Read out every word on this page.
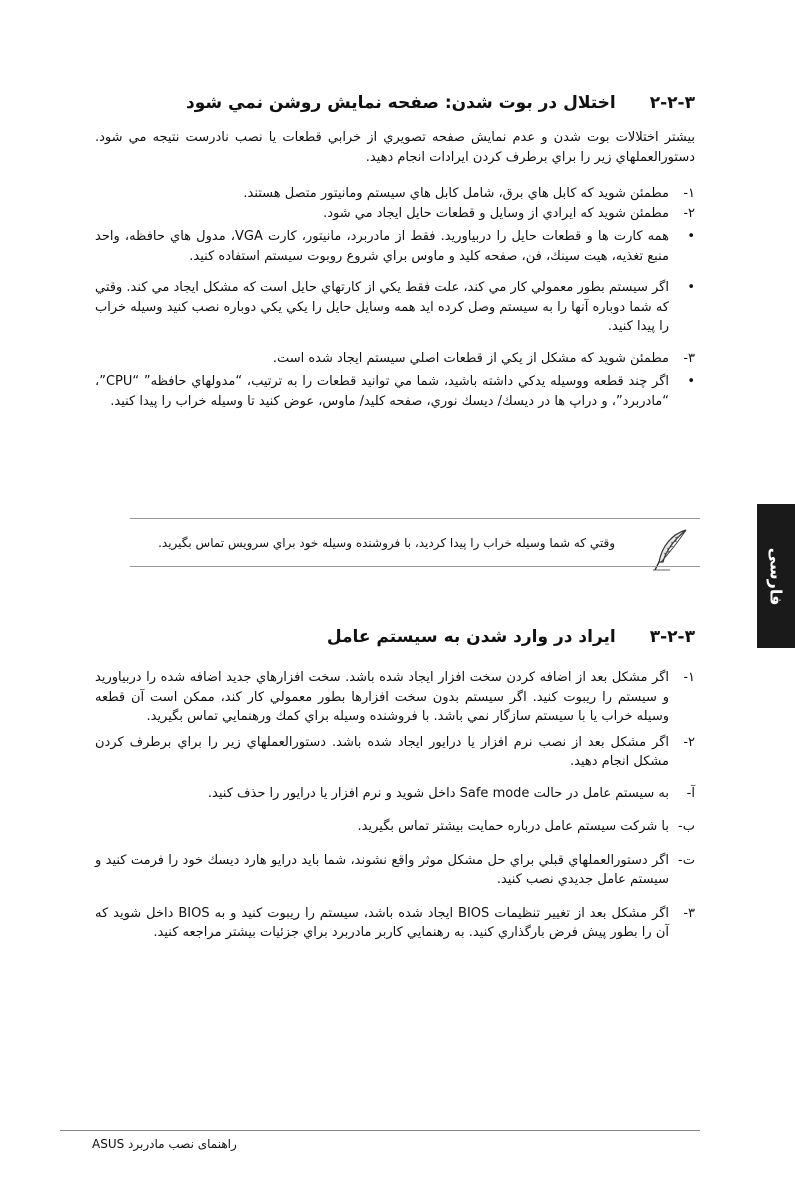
۲-۲-۳
اختلال در بوت شدن: صفحه نمایش روشن نمي شود
بیشتر اختلالات بوت شدن و عدم نمایش صفحه تصویري از خرابي قطعات یا نصب نادرست نتیجه مي شود. دستورالعملهاي زیر را براي برطرف کردن ایرادات انجام دهید.
-۱
مطمئن شوید که کابل هاي برق، شامل کابل هاي سیستم ومانیتور متصل هستند.
-۲
مطمئن شوید که ایرادي از وسایل و قطعات حایل ایجاد مي شود.
•
همه کارت ها و قطعات حایل را دربیاورید. فقط از مادربرد، مانیتور، کارت VGA، مدول هاي حافظه، واحد منبع تغذیه، هیت سینك، فن، صفحه کلید و ماوس براي شروع روبوت سیستم استفاده کنید.
•
اگر سیستم بطور معمولي کار مي کند، علت فقط یکي از کارتهاي حایل است که مشکل ایجاد مي کند. وقتي که شما دوباره آنها را به سیستم وصل کرده اید همه وسایل حایل را یکي یکي دوباره نصب کنید وسیله خراب را پیدا کنید.
-۳
مطمئن شوید که مشکل از یکي از قطعات اصلي سیستم ایجاد شده است.
•
اگر چند قطعه ووسیله یدکي داشته باشید، شما مي توانید قطعات را به ترتیب، “مدولهاي حافظه” “CPU”، “مادربرد”، و دراپ ها در دیسك/ دیسك نوري، صفحه کلید/ ماوس، عوض کنید تا وسیله خراب را پیدا کنید.
وقتي که شما وسیله خراب را پیدا کردید، با فروشنده وسیله خود براي سرویس تماس بگیرید.
۳-۲-۳
ایراد در وارد شدن به سیستم عامل
-۱
اگر مشکل بعد از اضافه کردن سخت افزار ایجاد شده باشد. سخت افزارهاي جدید اضافه شده را دربیاورید و سیستم را ریبوت کنید. اگر سیستم بدون سخت افزارها بطور معمولي کار کند، ممکن است آن قطعه وسیله خراب یا با سیستم سازگار نمي باشد. با فروشنده وسیله براي کمك ورهنمایي تماس بگیرید.
-۲
اگر مشکل بعد از نصب نرم افزار یا درایور ایجاد شده باشد. دستورالعملهاي زیر را براي برطرف کردن مشکل انجام دهید.
-آ
به سیستم عامل در حالت Safe mode داخل شوید و نرم افزار یا درایور را حذف کنید.
-ب
با شرکت سیستم عامل درباره حمایت بیشتر تماس بگیرید.
-ت
اگر دستورالعملهاي قبلي براي حل مشکل موثر واقع نشوند، شما باید درایو هارد دیسك خود را فرمت کنید و سیستم عامل جدیدي نصب کنید.
-۳
اگر مشکل بعد از تغییر تنظیمات BIOS ایجاد شده باشد، سیستم را ریبوت کنید و به BIOS داخل شوید که آن را بطور پیش فرض بارگذاري کنید. به رهنمایي کاربر مادربرد براي جزئیات بیشتر مراجعه کنید.
فارسی
راهنمای نصب مادربرد ASUS
